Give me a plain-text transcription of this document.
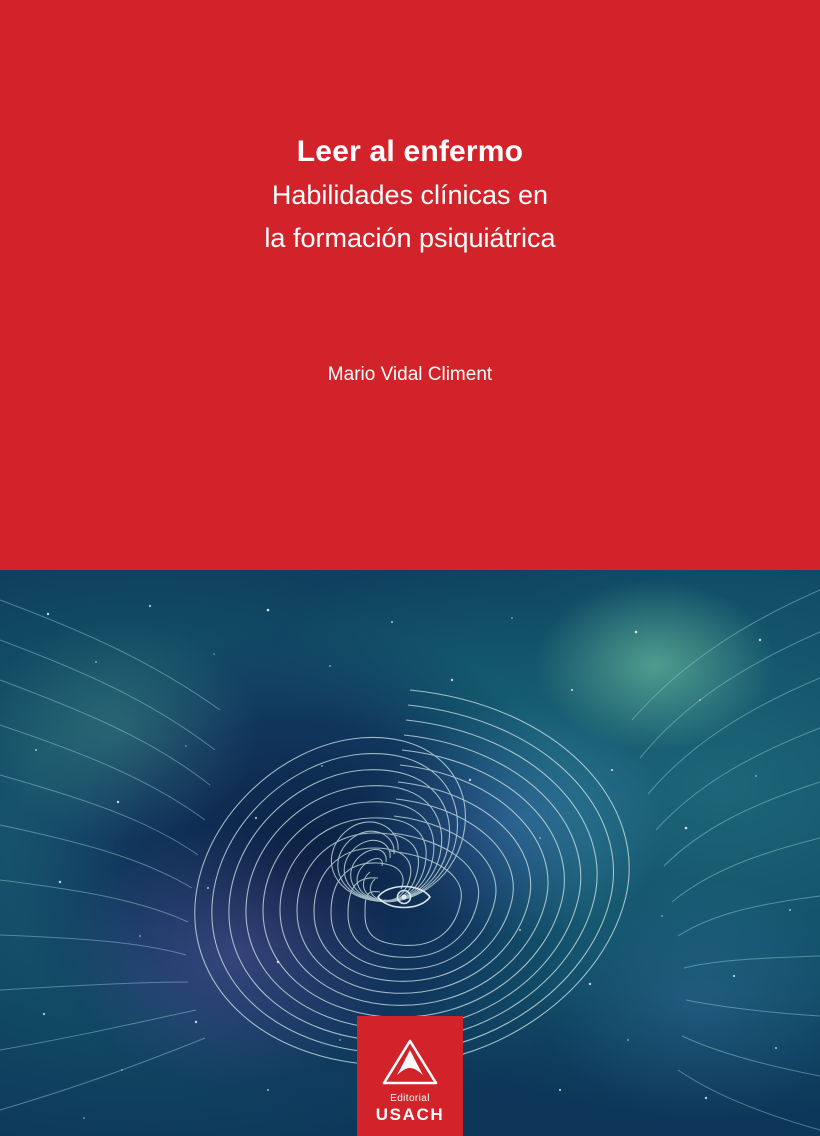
Leer al enfermo
Habilidades clínicas en
la formación psiquiátrica
Mario Vidal Climent
Editorial
USACH
